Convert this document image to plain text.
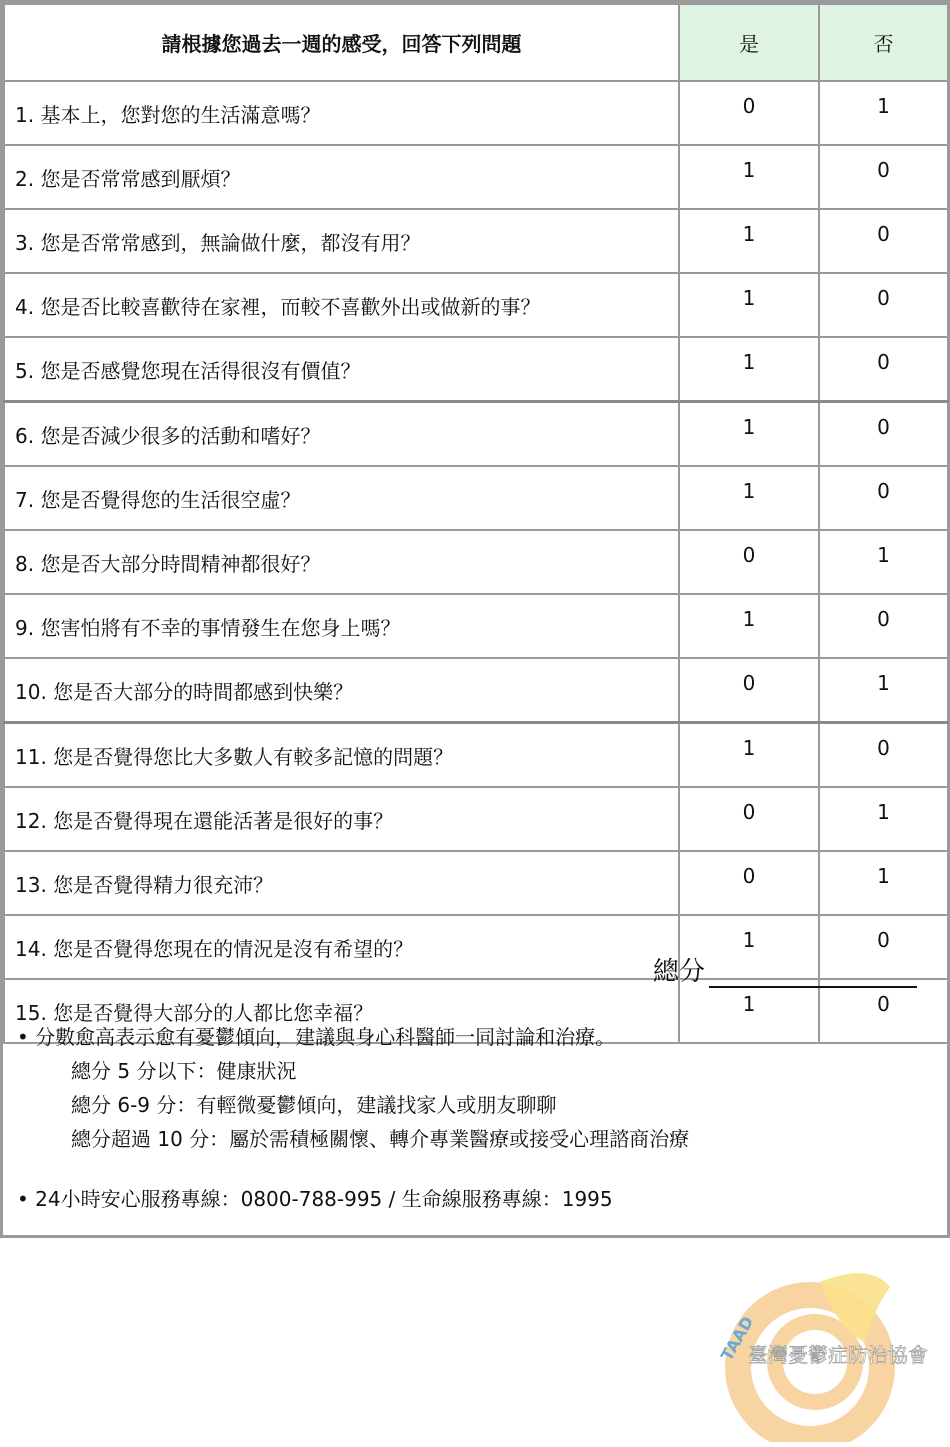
請根據您過去一週的感受，回答下列問題	是	否
1. 基本上，您對您的生活滿意嗎？	0	1
2. 您是否常常感到厭煩？	1	0
3. 您是否常常感到，無論做什麼，都沒有用？	1	0
4. 您是否比較喜歡待在家裡，而較不喜歡外出或做新的事？	1	0
5. 您是否感覺您現在活得很沒有價值？	1	0
6. 您是否減少很多的活動和嗜好？	1	0
7. 您是否覺得您的生活很空虛？	1	0
8. 您是否大部分時間精神都很好？	0	1
9. 您害怕將有不幸的事情發生在您身上嗎？	1	0
10. 您是否大部分的時間都感到快樂？	0	1
11. 您是否覺得您比大多數人有較多記憶的問題？	1	0
12. 您是否覺得現在還能活著是很好的事？	0	1
13. 您是否覺得精力很充沛？	0	1
14. 您是否覺得您現在的情況是沒有希望的？	1	0
15. 您是否覺得大部分的人都比您幸福？	1	0
總分
• 分數愈高表示愈有憂鬱傾向，建議與身心科醫師一同討論和治療。
總分 5 分以下：健康狀況
總分 6-9 分：有輕微憂鬱傾向，建議找家人或朋友聊聊
總分超過 10 分：屬於需積極關懷、轉介專業醫療或接受心理諮商治療
• 24小時安心服務專線：0800-788-995 / 生命線服務專線：1995
TAAD
臺灣憂鬱症防治協會
